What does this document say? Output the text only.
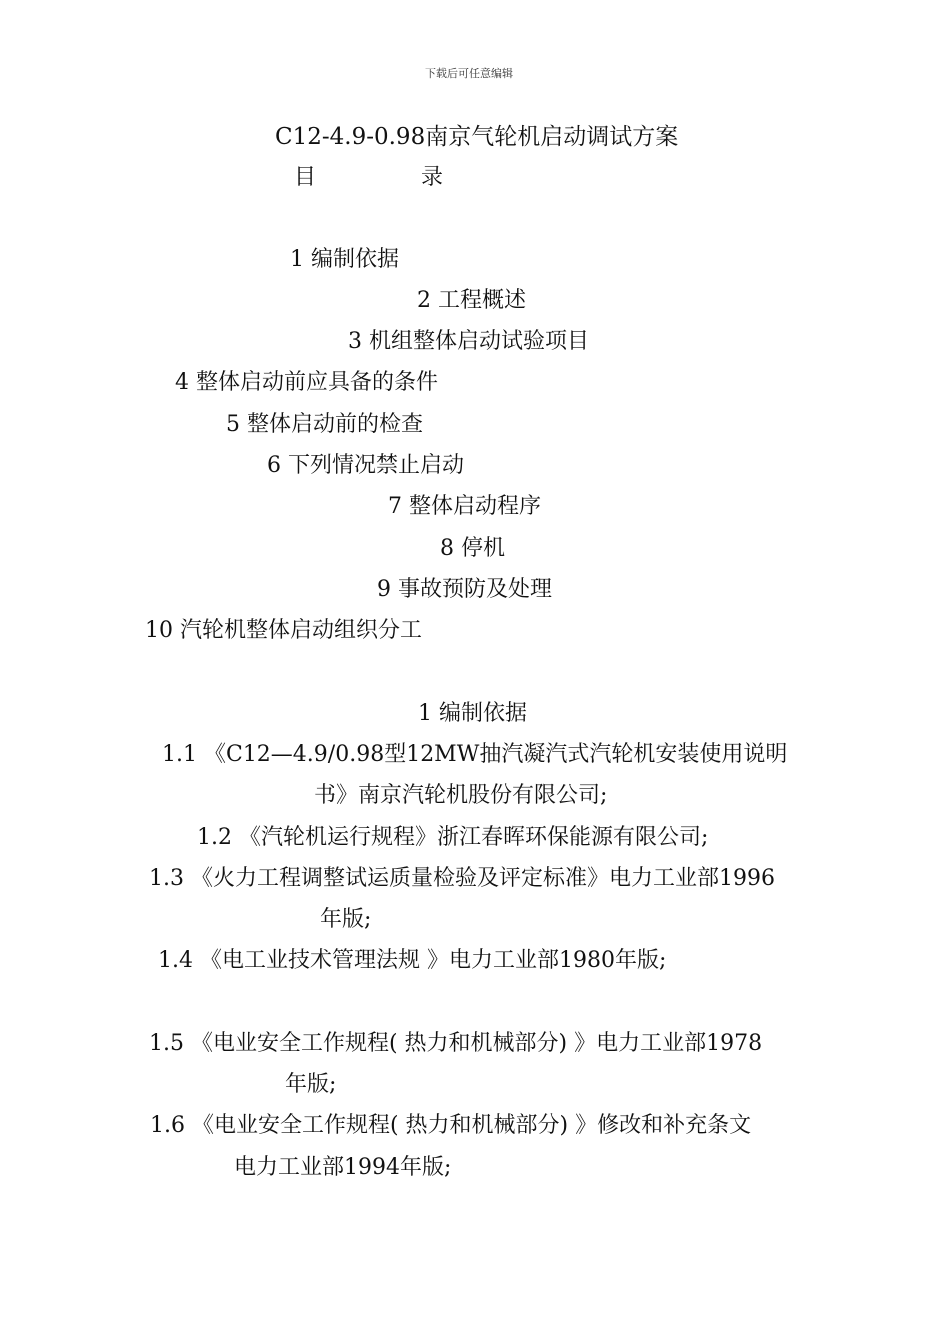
下载后可任意编辑
C12-4.9-0.98南京气轮机启动调试方案
目	录
1 编制依据
2 工程概述
3 机组整体启动试验项目
4 整体启动前应具备的条件
5 整体启动前的检查
6 下列情况禁止启动
7 整体启动程序
8 停机
9 事故预防及处理
10 汽轮机整体启动组织分工
1 编制依据
1.1 《C12—4.9/0.98型12MW抽汽凝汽式汽轮机安装使用说明
书》南京汽轮机股份有限公司;
1.2 《汽轮机运行规程》浙江春晖环保能源有限公司;
1.3 《火力工程调整试运质量检验及评定标准》电力工业部1996
年版;
1.4 《电工业技术管理法规 》电力工业部1980年版;
1.5 《电业安全工作规程( 热力和机械部分) 》电力工业部1978
年版;
1.6 《电业安全工作规程( 热力和机械部分) 》修改和补充条文
电力工业部1994年版;
